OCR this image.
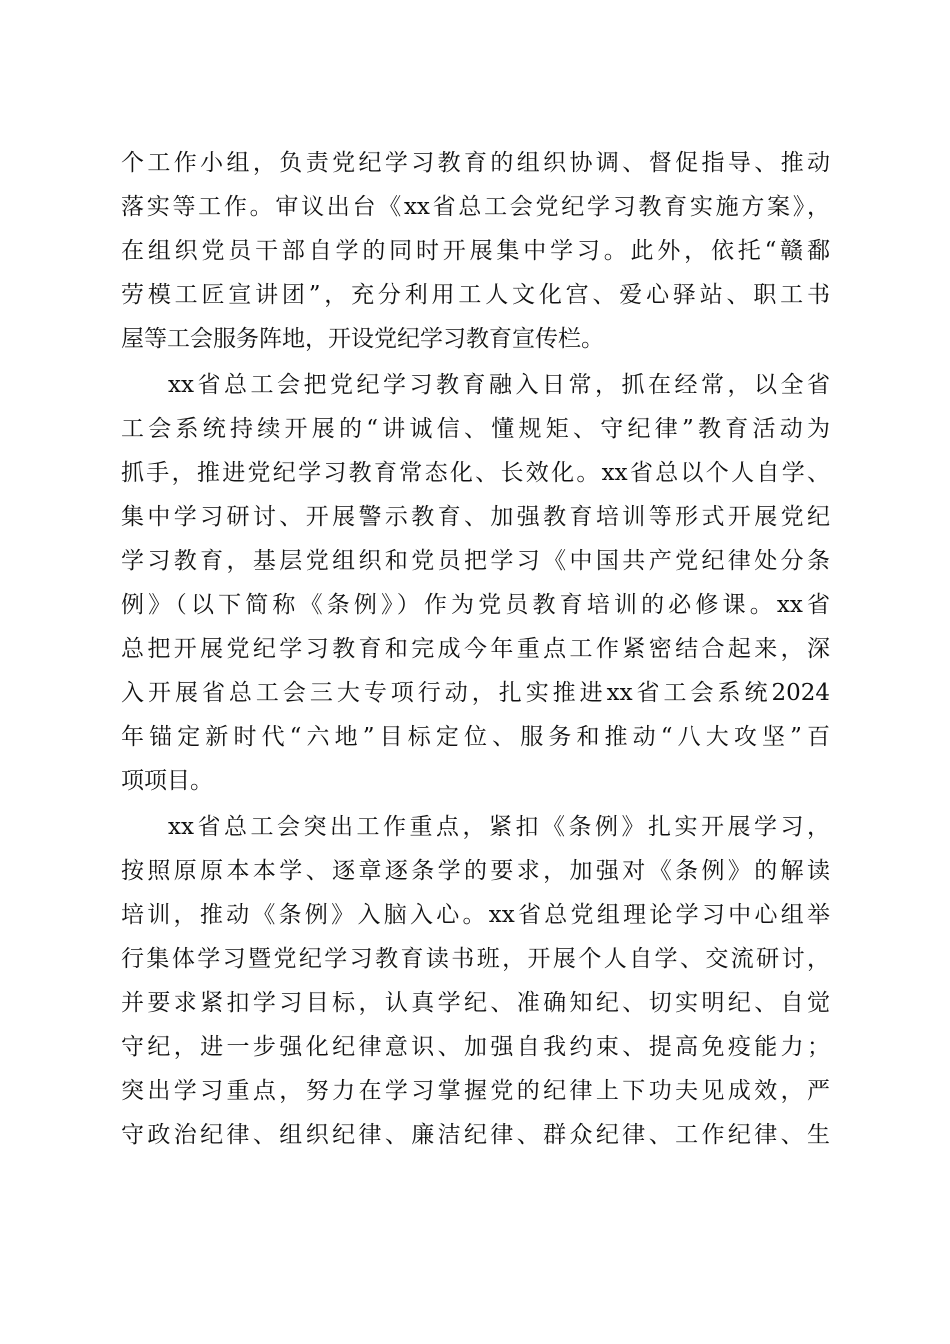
个工作小组，负责党纪学习教育的组织协调、督促指导、推动
落实等工作。审议出台《xx省总工会党纪学习教育实施方案》，
在组织党员干部自学的同时开展集中学习。此外，依托“赣鄱
劳模工匠宣讲团”，充分利用工人文化宫、爱心驿站、职工书
屋等工会服务阵地，开设党纪学习教育宣传栏。
xx省总工会把党纪学习教育融入日常，抓在经常，以全省
工会系统持续开展的“讲诚信、懂规矩、守纪律”教育活动为
抓手，推进党纪学习教育常态化、长效化。xx省总以个人自学、
集中学习研讨、开展警示教育、加强教育培训等形式开展党纪
学习教育，基层党组织和党员把学习《中国共产党纪律处分条
例》（以下简称《条例》）作为党员教育培训的必修课。xx省
总把开展党纪学习教育和完成今年重点工作紧密结合起来，深
入开展省总工会三大专项行动，扎实推进xx省工会系统2024
年锚定新时代“六地”目标定位、服务和推动“八大攻坚”百
项项目。
xx省总工会突出工作重点，紧扣《条例》扎实开展学习，
按照原原本本学、逐章逐条学的要求，加强对《条例》的解读
培训，推动《条例》入脑入心。xx省总党组理论学习中心组举
行集体学习暨党纪学习教育读书班，开展个人自学、交流研讨，
并要求紧扣学习目标，认真学纪、准确知纪、切实明纪、自觉
守纪，进一步强化纪律意识、加强自我约束、提高免疫能力；
突出学习重点，努力在学习掌握党的纪律上下功夫见成效，严
守政治纪律、组织纪律、廉洁纪律、群众纪律、工作纪律、生
